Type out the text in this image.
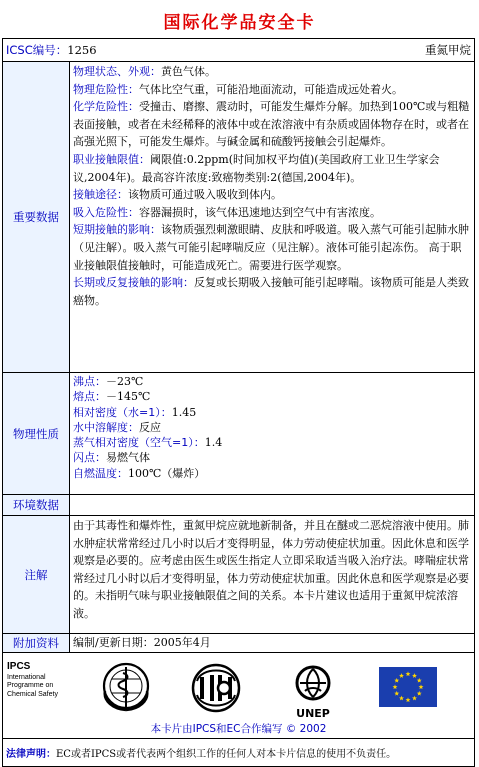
国际化学品安全卡
ICSC编号：1256	重氮甲烷
重要数据
物理状态、外观：黄色气体。
物理危险性：气体比空气重，可能沿地面流动，可能造成远处着火。
化学危险性：受撞击、磨擦、震动时，可能发生爆炸分解。加热到100℃或与粗糙表面接触，或者在未经稀释的液体中或在浓溶液中有杂质或固体物存在时，或者在高强光照下，可能发生爆炸。与碱金属和硫酸钙接触会引起爆炸。
职业接触限值：阈限值:0.2ppm(时间加权平均值)(美国政府工业卫生学家会议,2004年)。最高容许浓度:致癌物类别:2(德国,2004年)。
接触途径：该物质可通过吸入吸收到体内。
吸入危险性：容器漏损时，该气体迅速地达到空气中有害浓度。
短期接触的影响：该物质强烈刺激眼睛、皮肤和呼吸道。吸入蒸气可能引起肺水肿（见注解）。吸入蒸气可能引起哮喘反应（见注解）。液体可能引起冻伤。 高于职业接触限值接触时，可能造成死亡。需要进行医学观察。
长期或反复接触的影响：反复或长期吸入接触可能引起哮喘。该物质可能是人类致癌物。
物理性质
沸点：－23℃
熔点：－145℃
相对密度（水=1）：1.45
水中溶解度：反应
蒸气相对密度（空气=1）：1.4
闪点：易燃气体
自燃温度：100℃（爆炸）
环境数据
注解
由于其毒性和爆炸性，重氮甲烷应就地新制备，并且在醚或二恶烷溶液中使用。肺水肿症状常常经过几小时以后才变得明显，体力劳动使症状加重。因此休息和医学观察是必要的。应考虑由医生或医生指定人立即采取适当吸入治疗法。哮喘症状常常经过几小时以后才变得明显，体力劳动使症状加重。因此休息和医学观察是必要的。未指明气味与职业接触限值之间的关系。本卡片建议也适用于重氮甲烷浓溶液。
附加资料	编制/更新日期：2005年4月
IPCS
International
Programme on
Chemical Safety
UNEP
本卡片由IPCS和EC合作编写 © 2002
法律声明： EC或者IPCS或者代表两个组织工作的任何人对本卡片信息的使用不负责任。
